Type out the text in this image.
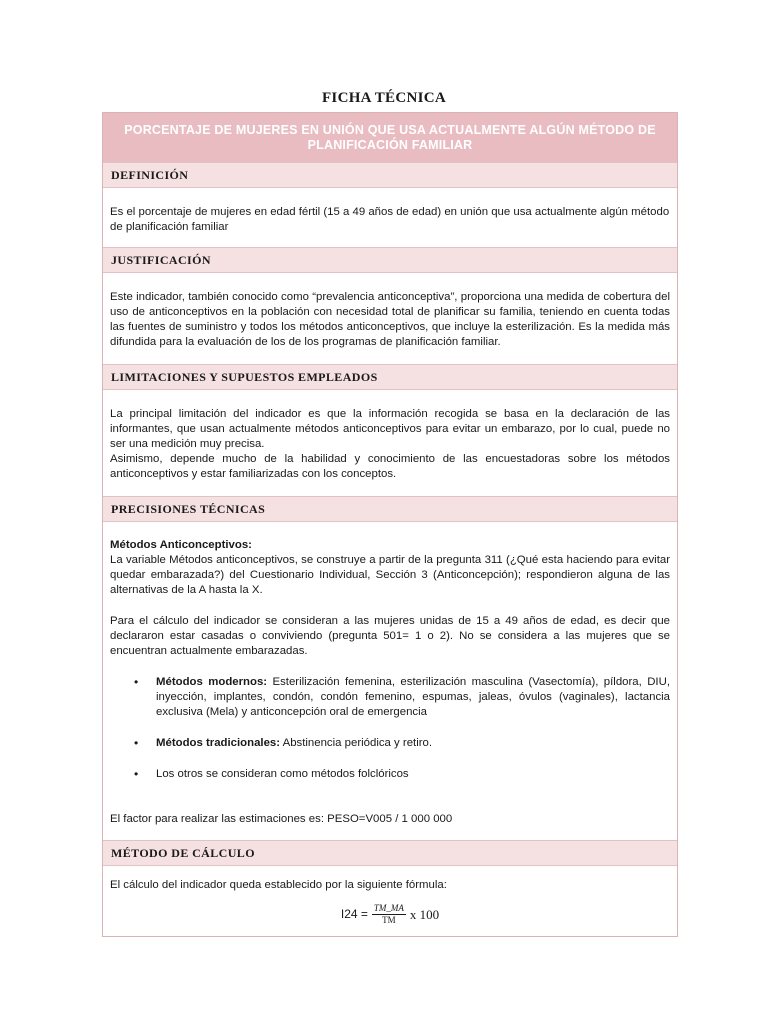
FICHA TÉCNICA
PORCENTAJE DE MUJERES EN UNIÓN QUE USA ACTUALMENTE ALGÚN MÉTODO DE PLANIFICACIÓN FAMILIAR
DEFINICIÓN

Es el porcentaje de mujeres en edad fértil (15 a 49 años de edad) en unión que usa actualmente algún método de planificación familiar

JUSTIFICACIÓN

Este indicador, también conocido como “prevalencia anticonceptiva”, proporciona una medida de cobertura del uso de anticonceptivos en la población con necesidad total de planificar su familia, teniendo en cuenta todas las fuentes de suministro y todos los métodos anticonceptivos, que incluye la esterilización. Es la medida más difundida para la evaluación de los de los programas de planificación familiar.

LIMITACIONES Y SUPUESTOS EMPLEADOS

La principal limitación del indicador es que la información recogida se basa en la declaración de las informantes, que usan actualmente métodos anticonceptivos para evitar un embarazo, por lo cual, puede no ser una medición muy precisa.

Asimismo, depende mucho de la habilidad y conocimiento de las encuestadoras sobre los métodos anticonceptivos y estar familiarizadas con los conceptos.

PRECISIONES TÉCNICAS

Métodos Anticonceptivos:

La variable Métodos anticonceptivos, se construye a partir de la pregunta 311 (¿Qué esta haciendo para evitar quedar embarazada?) del Cuestionario Individual, Sección 3 (Anticoncepción); respondieron alguna de las alternativas de la A hasta la X.

Para el cálculo del indicador se consideran a las mujeres unidas de 15 a 49 años de edad, es decir que declararon estar casadas o conviviendo (pregunta 501= 1 o 2). No se considera a las mujeres que se encuentran actualmente embarazadas.

• Métodos modernos: Esterilización femenina, esterilización masculina (Vasectomía), píldora, DIU, inyección, implantes, condón, condón femenino, espumas, jaleas, óvulos (vaginales), lactancia exclusiva (Mela) y anticoncepción oral de emergencia
• Métodos tradicionales: Abstinencia periódica y retiro.
• Los otros se consideran como métodos folclóricos

El factor para realizar las estimaciones es: PESO=V005 / 1 000 000

MÉTODO DE CÁLCULO

El cálculo del indicador queda establecido por la siguiente fórmula:

$I24 = \frac{TM\_MA}{TM}$ x 100
